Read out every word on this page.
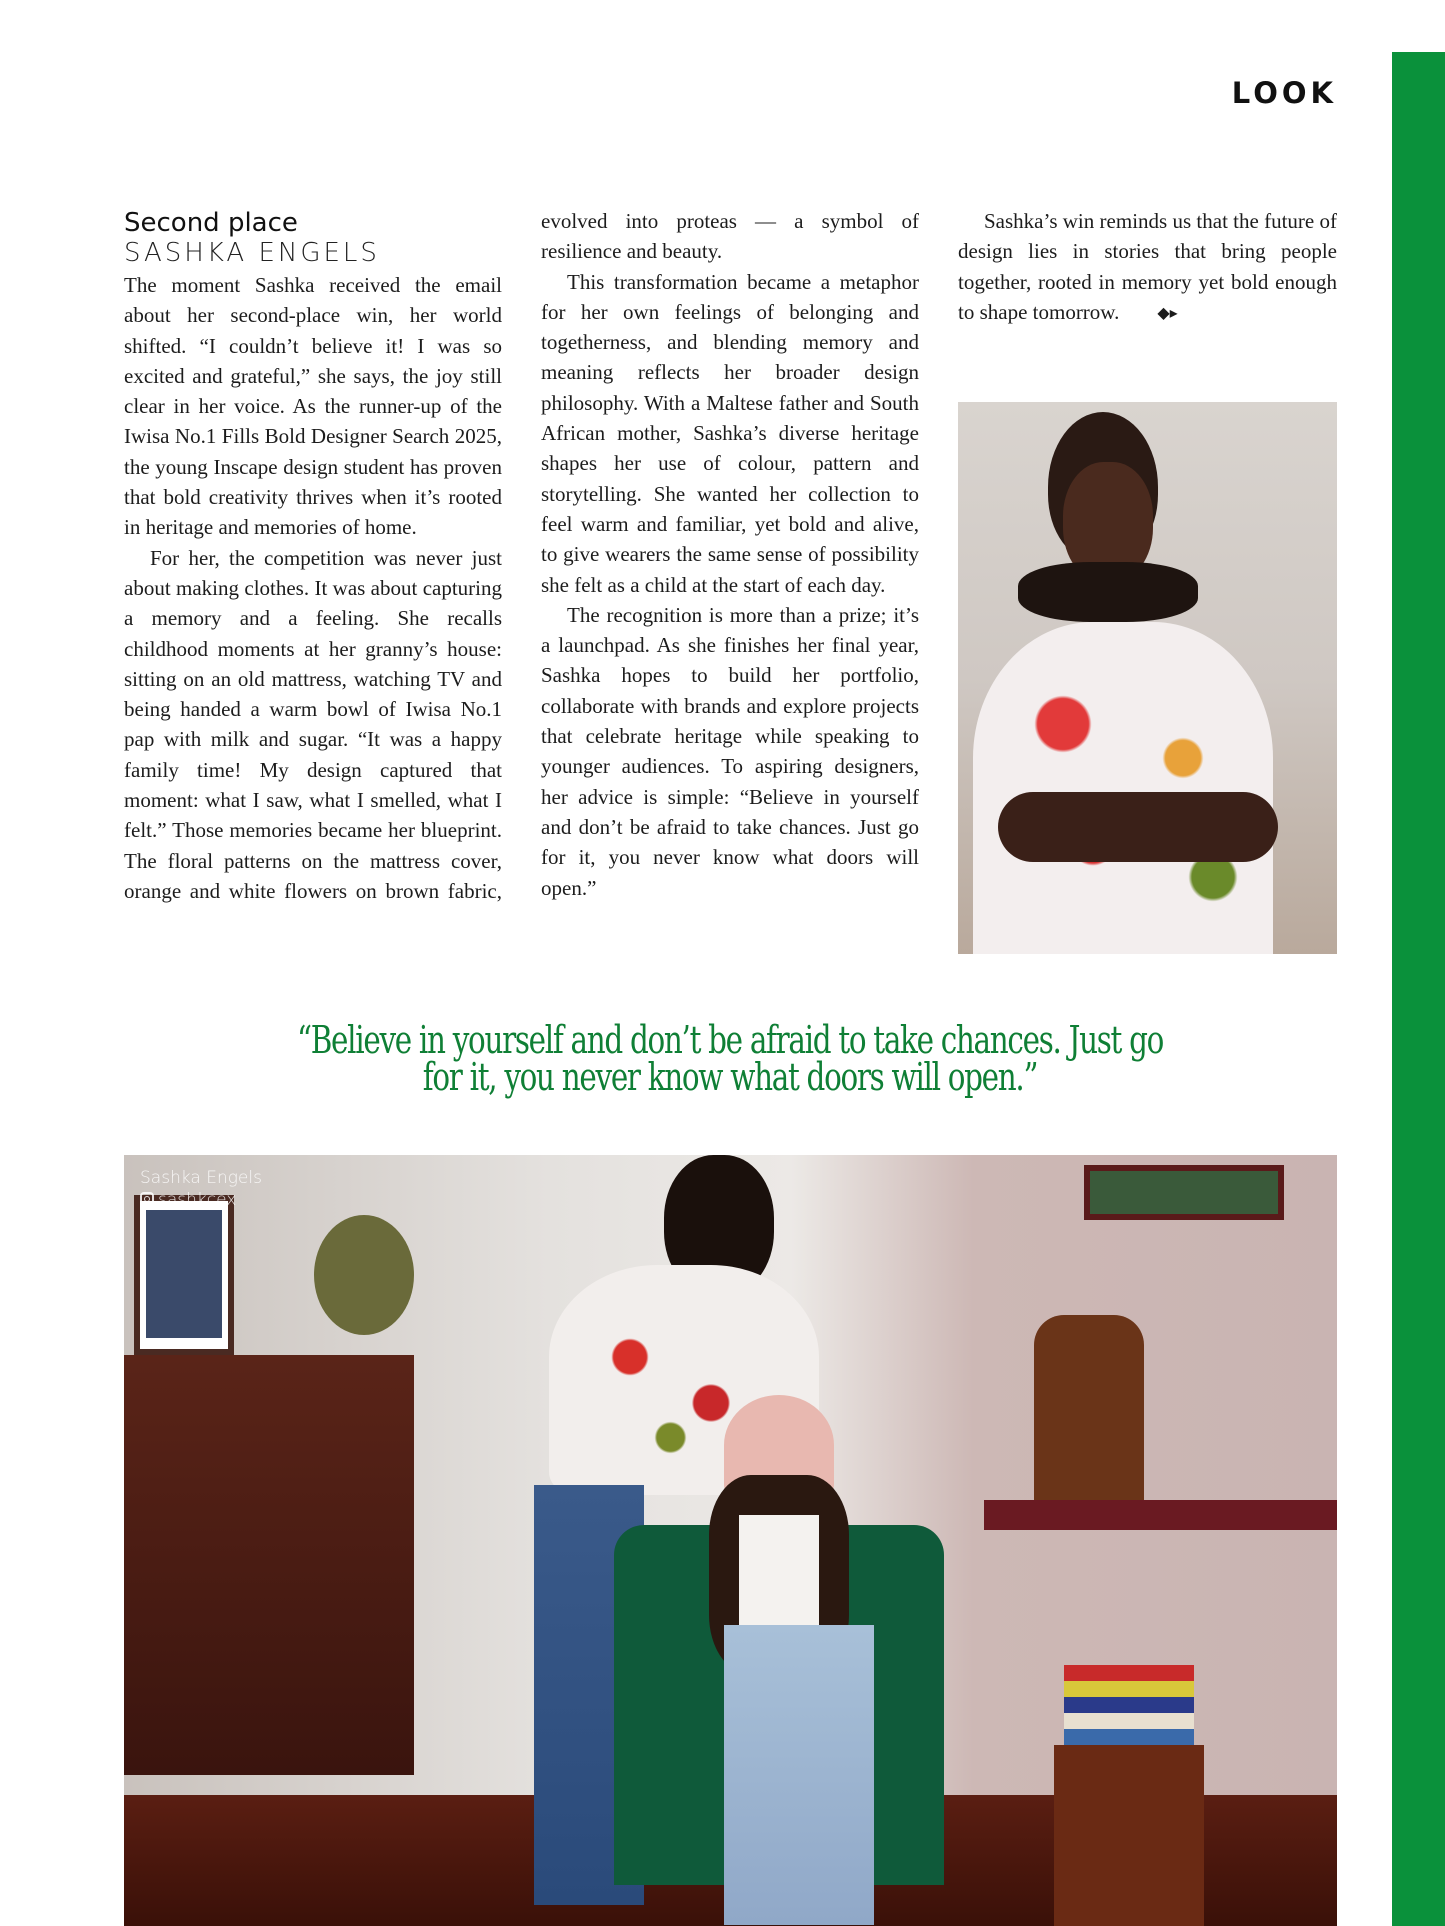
LOOK
Second place
SASHKA ENGELS

The moment Sashka received the email about her second-place win, her world shifted. “I couldn’t believe it! I was so excited and grateful,” she says, the joy still clear in her voice. As the runner-up of the Iwisa No.1 Fills Bold Designer Search 2025, the young Inscape design student has proven that bold creativity thrives when it’s rooted in heritage and memories of home.

For her, the competition was never just about making clothes. It was about capturing a memory and a feeling. She recalls childhood moments at her granny’s house: sitting on an old mattress, watching TV and being handed a warm bowl of Iwisa No.1 pap with milk and sugar. “It was a happy family time! My design captured that moment: what I saw, what I smelled, what I felt.” Those memories became her blueprint. The floral patterns on the mattress cover, orange and white flowers on brown fabric, evolved into proteas — a symbol of resilience and beauty.

This transformation became a metaphor for her own feelings of belonging and togetherness, and blending memory and meaning reflects her broader design philosophy. With a Maltese father and South African mother, Sashka’s diverse heritage shapes her use of colour, pattern and storytelling. She wanted her collection to feel warm and familiar, yet bold and alive, to give wearers the same sense of possibility she felt as a child at the start of each day.

The recognition is more than a prize; it’s a launchpad. As she finishes her final year, Sashka hopes to build her portfolio, collaborate with brands and explore projects that celebrate heritage while speaking to younger audiences. To aspiring designers, her advice is simple: “Believe in yourself and don’t be afraid to take chances. Just go for it, you never know what doors will open.”

Sashka’s win reminds us that the future of design lies in stories that bring people together, rooted in memory yet bold enough to shape tomorrow. ◆▸
“Believe in yourself and don’t be afraid to take chances. Just go for it, you never know what doors will open.”
Sashka Engels
sashkcex
